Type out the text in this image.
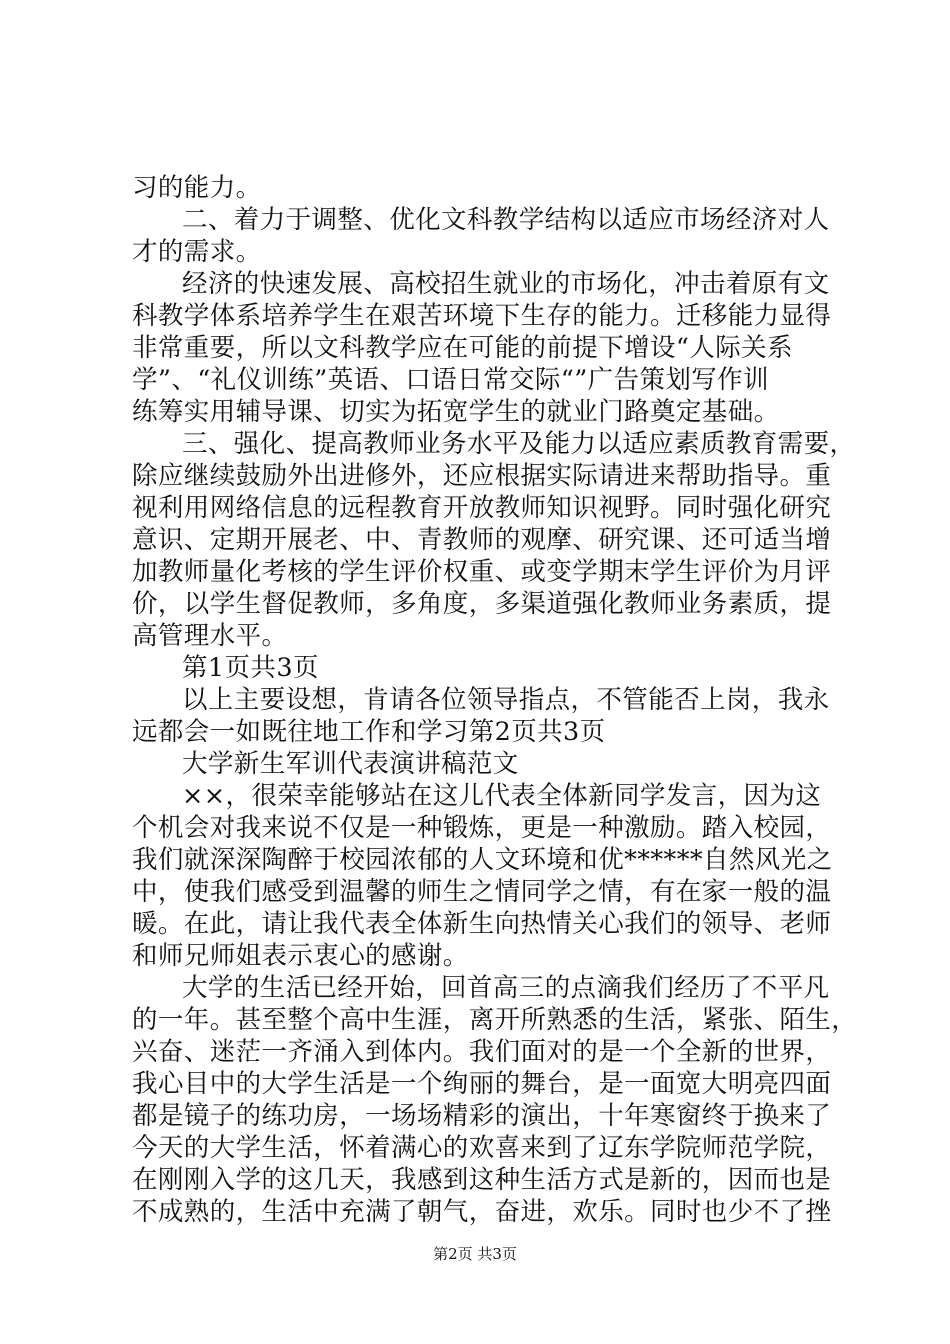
习的能力。
二、着力于调整、优化文科教学结构以适应市场经济对人
才的需求。
经济的快速发展、高校招生就业的市场化，冲击着原有文
科教学体系培养学生在艰苦环境下生存的能力。迁移能力显得
非常重要，所以文科教学应在可能的前提下增设“人际关系
学”、“礼仪训练”英语、口语日常交际“”广告策划写作训
练筹实用辅导课、切实为拓宽学生的就业门路奠定基础。
三、强化、提高教师业务水平及能力以适应素质教育需要，
除应继续鼓励外出进修外，还应根据实际请进来帮助指导。重
视利用网络信息的远程教育开放教师知识视野。同时强化研究
意识、定期开展老、中、青教师的观摩、研究课、还可适当增
加教师量化考核的学生评价权重、或变学期末学生评价为月评
价，以学生督促教师，多角度，多渠道强化教师业务素质，提
高管理水平。
第1页共3页
以上主要设想，肯请各位领导指点，不管能否上岗，我永
远都会一如既往地工作和学习第2页共3页
大学新生军训代表演讲稿范文
××，很荣幸能够站在这儿代表全体新同学发言，因为这
个机会对我来说不仅是一种锻炼，更是一种激励。踏入校园，
我们就深深陶醉于校园浓郁的人文环境和优******自然风光之
中，使我们感受到温馨的师生之情同学之情，有在家一般的温
暖。在此，请让我代表全体新生向热情关心我们的领导、老师
和师兄师姐表示衷心的感谢。
大学的生活已经开始，回首高三的点滴我们经历了不平凡
的一年。甚至整个高中生涯，离开所熟悉的生活，紧张、陌生，
兴奋、迷茫一齐涌入到体内。我们面对的是一个全新的世界，
我心目中的大学生活是一个绚丽的舞台，是一面宽大明亮四面
都是镜子的练功房，一场场精彩的演出，十年寒窗终于换来了
今天的大学生活，怀着满心的欢喜来到了辽东学院师范学院，
在刚刚入学的这几天，我感到这种生活方式是新的，因而也是
不成熟的，生活中充满了朝气，奋进，欢乐。同时也少不了挫
第2页 共3页
